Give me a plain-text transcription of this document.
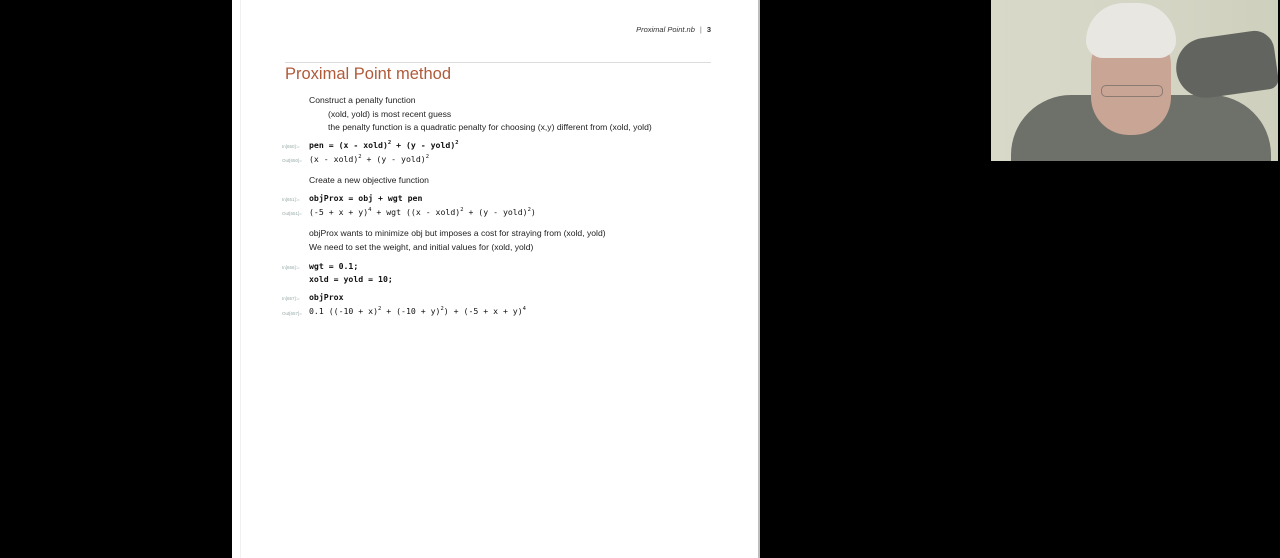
Proximal Point.nb | 3
Proximal Point method
Construct a penalty function
(xold, yold) is most recent guess
the penalty function is a quadratic penalty for choosing (x,y) different from (xold, yold)
In[650]:= pen = (x - xold)$^2$ + (y - yold)$^2$
Out[650]= (x - xold)$^2$ + (y - yold)$^2$
Create a new objective function
In[651]:= objProx = obj + wgt pen
$Out[651]= (-5 + x + y)^4$ + wgt ((x - xold)$^2$ + (y - yold)$^2$)
objProx wants to minimize obj but imposes a cost for straying from (xold, yold)
We need to set the weight, and initial values for (xold, yold)
In[656]:= wgt = 0.1;
xold = yold = 10;
In[657]:= objProx
Out[657]= 0.1 $((-10 + x)^2 + (-10 + y)^2) + (-5 + x + y)^4$
